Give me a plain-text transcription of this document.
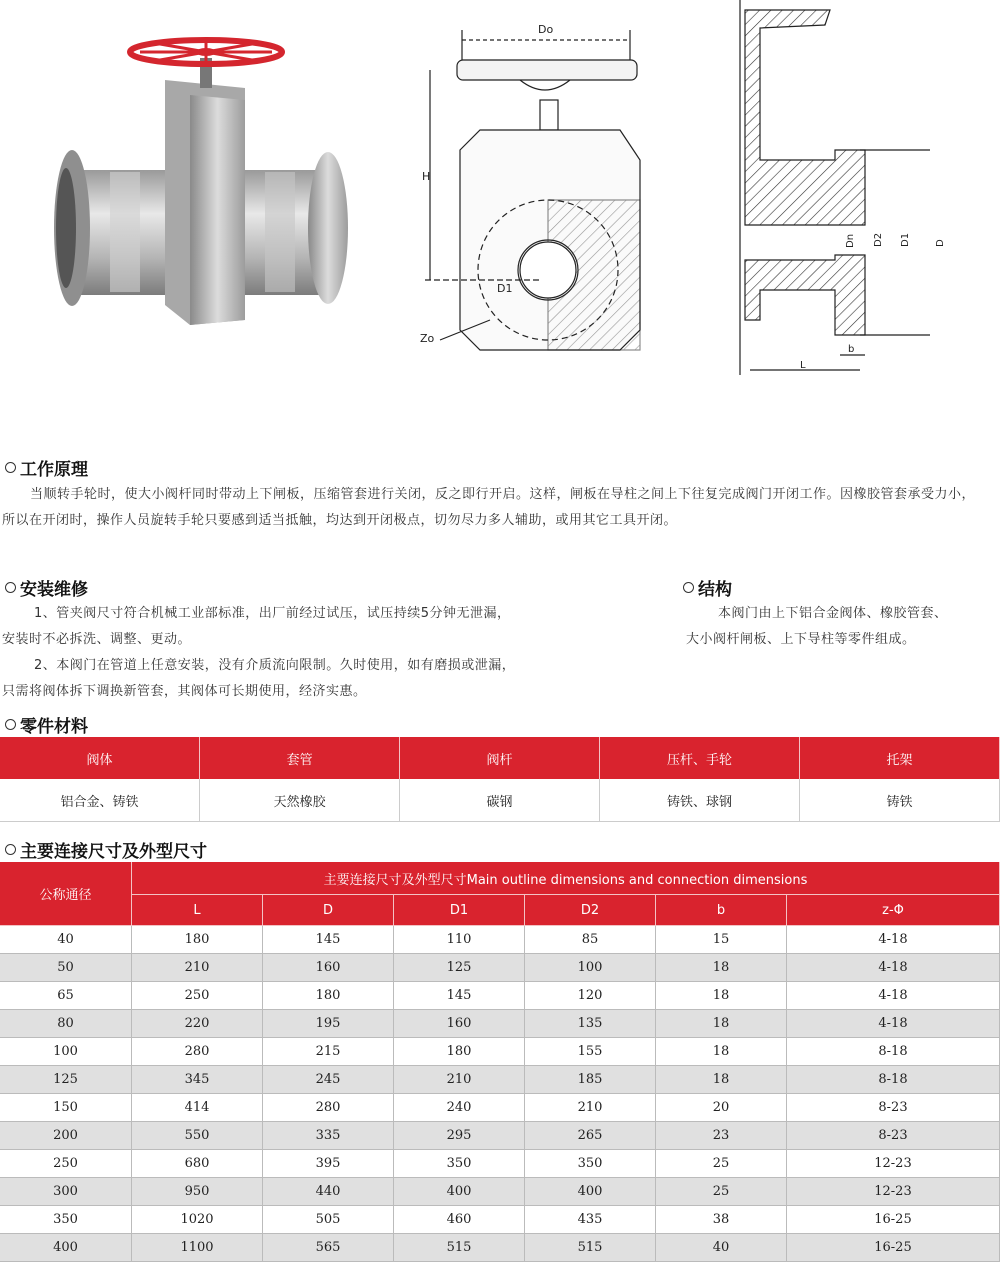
Do
H
D1
Zo
Dn D2 D1 D
b
L
工作原理
当顺转手轮时，使大小阀杆同时带动上下闸板，压缩管套进行关闭，反之即行开启。这样，闸板在导柱之间上下往复完成阀门开闭工作。因橡胶管套承受力小，所以在开闭时，操作人员旋转手轮只要感到适当抵触，均达到开闭极点，切勿尽力多人辅助，或用其它工具开闭。
安装维修
1、管夹阀尺寸符合机械工业部标准，出厂前经过试压，试压持续5分钟无泄漏，
安装时不必拆洗、调整、更动。
2、本阀门在管道上任意安装，没有介质流向限制。久时使用，如有磨损或泄漏，
只需将阀体拆下调换新管套，其阀体可长期使用，经济实惠。
结构
本阀门由上下铝合金阀体、橡胶管套、
大小阀杆闸板、上下导柱等零件组成。
零件材料
阀体	套管	阀杆	压杆、手轮	托架
铝合金、铸铁	天然橡胶	碳钢	铸铁、球钢	铸铁
主要连接尺寸及外型尺寸
公称通径	主要连接尺寸及外型尺寸Main outline dimensions and connection dimensions					
	L	D	D1	D2	b	z-Φ
40	180	145	110	85	15	4-18
50	210	160	125	100	18	4-18
65	250	180	145	120	18	4-18
80	220	195	160	135	18	4-18
100	280	215	180	155	18	8-18
125	345	245	210	185	18	8-18
150	414	280	240	210	20	8-23
200	550	335	295	265	23	8-23
250	680	395	350	350	25	12-23
300	950	440	400	400	25	12-23
350	1020	505	460	435	38	16-25
400	1100	565	515	515	40	16-25
